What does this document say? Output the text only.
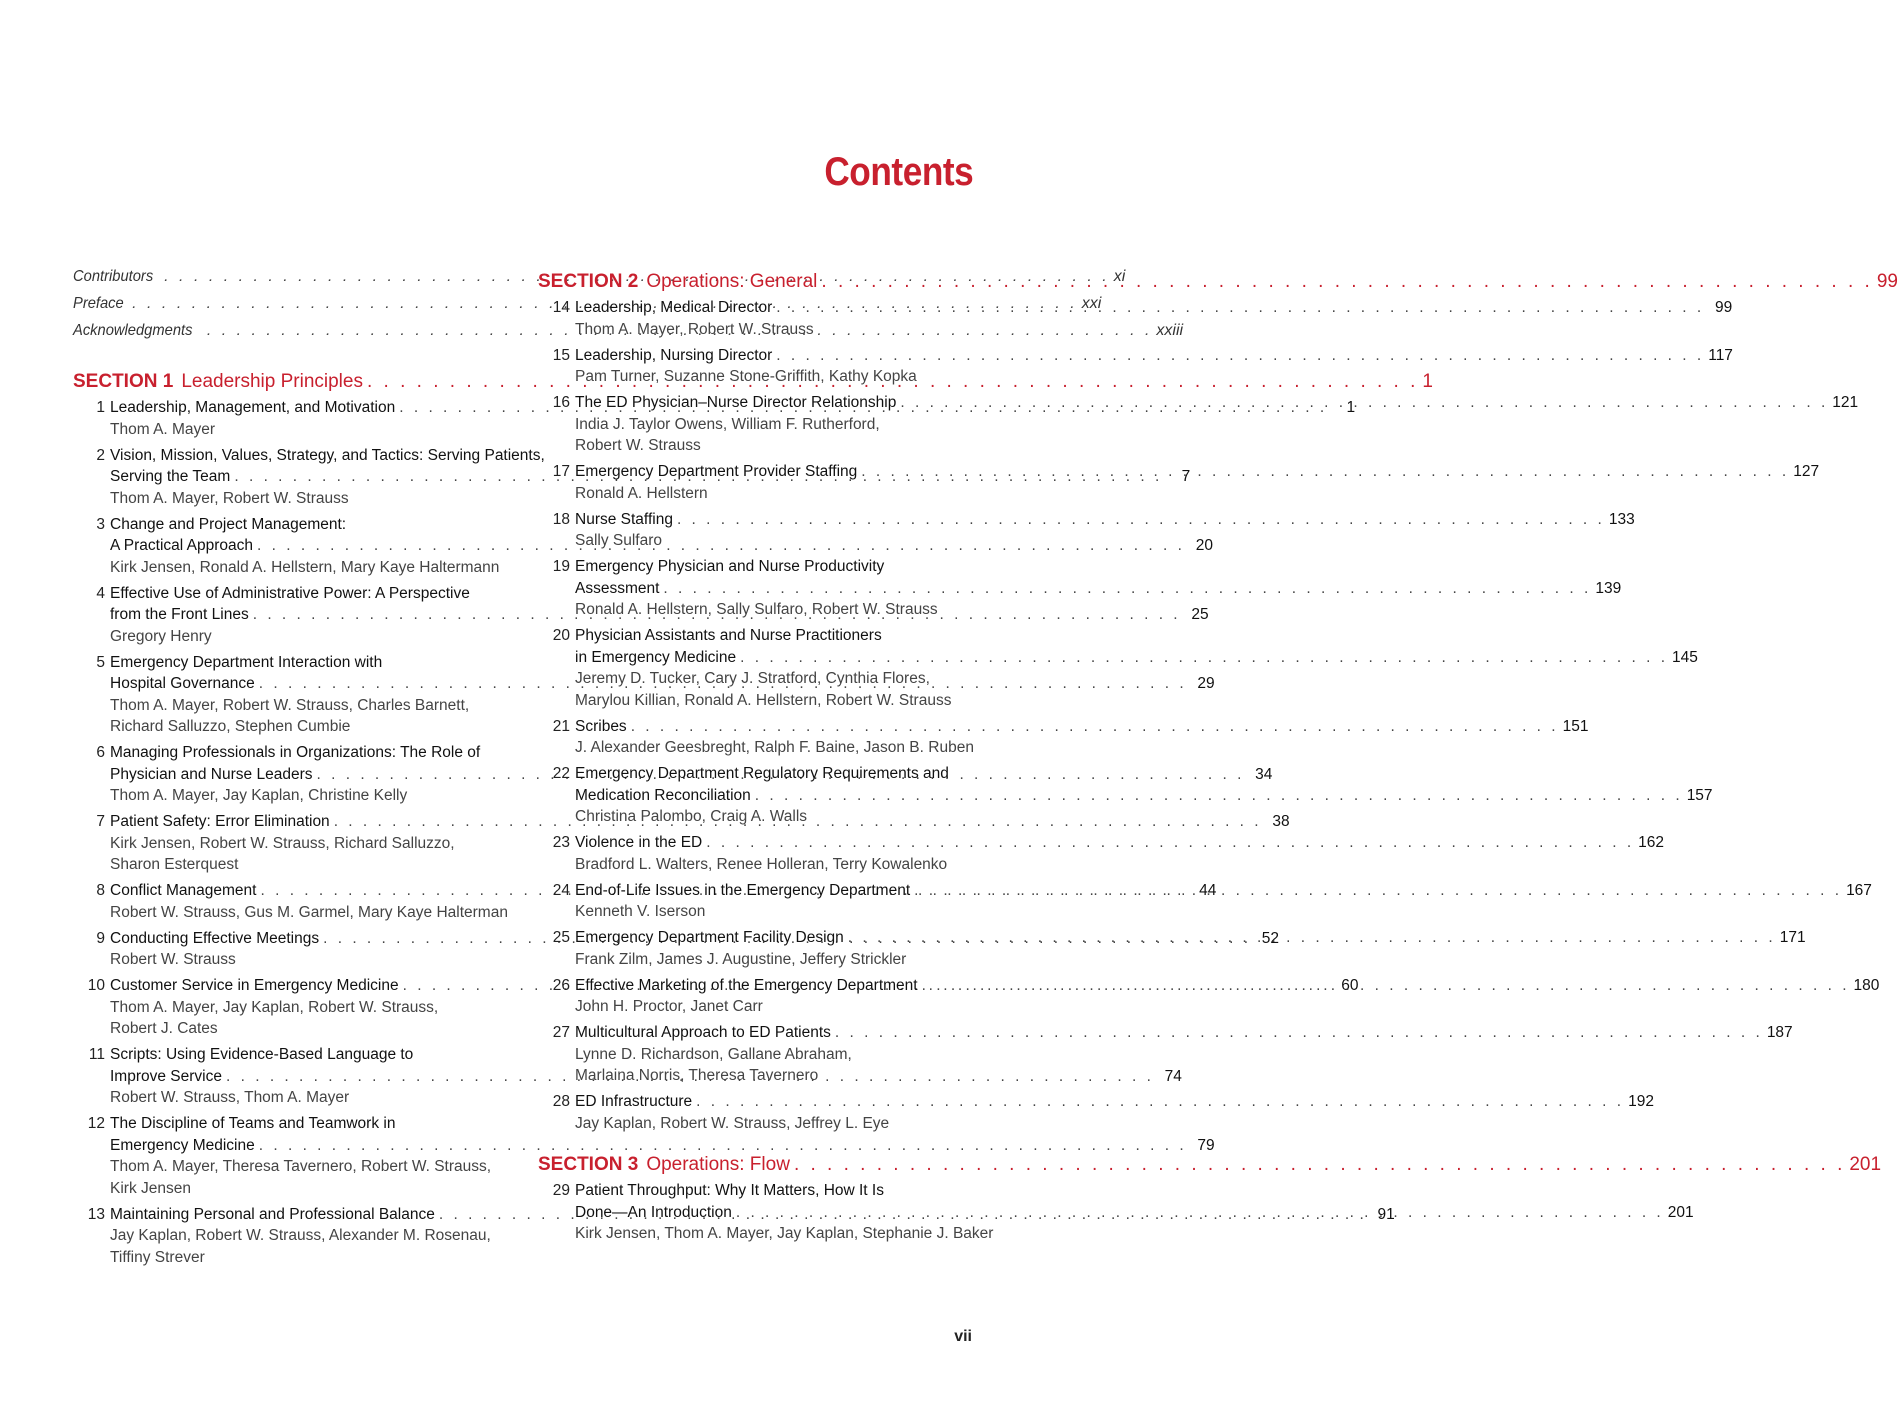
Contents
Contributors . . .	xi
Preface . . .	xxi
Acknowledgments . . .	xxiii
SECTION 1 Leadership Principles . . .	1
1 Leadership, Management, and Motivation . . .	1
Thom A. Mayer
2 Vision, Mission, Values, Strategy, and Tactics: Serving Patients,
Serving the Team . . .	7
Thom A. Mayer, Robert W. Strauss
3 Change and Project Management:
A Practical Approach . . .	20
Kirk Jensen, Ronald A. Hellstern, Mary Kaye Haltermann
4 Effective Use of Administrative Power: A Perspective
from the Front Lines . . .	25
Gregory Henry
5 Emergency Department Interaction with
Hospital Governance . . .	29
Thom A. Mayer, Robert W. Strauss, Charles Barnett,
Richard Salluzzo, Stephen Cumbie
6 Managing Professionals in Organizations: The Role of
Physician and Nurse Leaders . . .	34
Thom A. Mayer, Jay Kaplan, Christine Kelly
7 Patient Safety: Error Elimination . . .	38
Kirk Jensen, Robert W. Strauss, Richard Salluzzo,
Sharon Esterquest
8 Conflict Management . . .	44
Robert W. Strauss, Gus M. Garmel, Mary Kaye Halterman
9 Conducting Effective Meetings . . .	52
Robert W. Strauss
10 Customer Service in Emergency Medicine . . .	60
Thom A. Mayer, Jay Kaplan, Robert W. Strauss,
Robert J. Cates
11 Scripts: Using Evidence-Based Language to
Improve Service . . .	74
Robert W. Strauss, Thom A. Mayer
12 The Discipline of Teams and Teamwork in
Emergency Medicine . . .	79
Thom A. Mayer, Theresa Tavernero, Robert W. Strauss,
Kirk Jensen
13 Maintaining Personal and Professional Balance . . .	91
Jay Kaplan, Robert W. Strauss, Alexander M. Rosenau,
Tiffiny Strever
SECTION 2 Operations: General . . .	99
14 Leadership, Medical Director . . .	99
Thom A. Mayer, Robert W. Strauss
15 Leadership, Nursing Director . . .	117
Pam Turner, Suzanne Stone-Griffith, Kathy Kopka
16 The ED Physician–Nurse Director Relationship . . .	121
India J. Taylor Owens, William F. Rutherford,
Robert W. Strauss
17 Emergency Department Provider Staffing . . .	127
Ronald A. Hellstern
18 Nurse Staffing . . .	133
Sally Sulfaro
19 Emergency Physician and Nurse Productivity
Assessment . . .	139
Ronald A. Hellstern, Sally Sulfaro, Robert W. Strauss
20 Physician Assistants and Nurse Practitioners
in Emergency Medicine . . .	145
Jeremy D. Tucker, Cary J. Stratford, Cynthia Flores,
Marylou Killian, Ronald A. Hellstern, Robert W. Strauss
21 Scribes . . .	151
J. Alexander Geesbreght, Ralph F. Baine, Jason B. Ruben
22 Emergency Department Regulatory Requirements and
Medication Reconciliation . . .	157
Christina Palombo, Craig A. Walls
23 Violence in the ED . . .	162
Bradford L. Walters, Renee Holleran, Terry Kowalenko
24 End-of-Life Issues in the Emergency Department . . .	167
Kenneth V. Iserson
25 Emergency Department Facility Design . . .	171
Frank Zilm, James J. Augustine, Jeffery Strickler
26 Effective Marketing of the Emergency Department . . .	180
John H. Proctor, Janet Carr
27 Multicultural Approach to ED Patients . . .	187
Lynne D. Richardson, Gallane Abraham,
Marlaina Norris, Theresa Tavernero
28 ED Infrastructure . . .	192
Jay Kaplan, Robert W. Strauss, Jeffrey L. Eye
SECTION 3 Operations: Flow . . .	201
29 Patient Throughput: Why It Matters, How It Is
Done—An Introduction . . .	201
Kirk Jensen, Thom A. Mayer, Jay Kaplan, Stephanie J. Baker
vii
